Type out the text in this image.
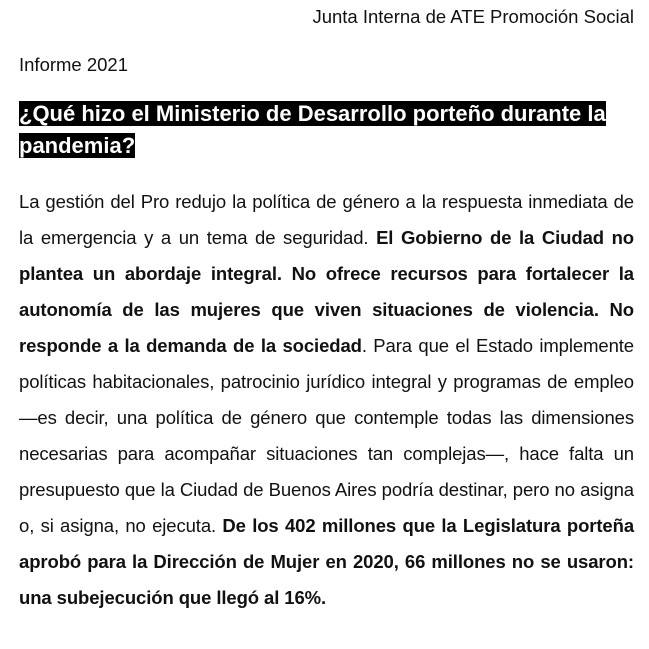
Junta Interna de ATE Promoción Social
Informe 2021
¿Qué hizo el Ministerio de Desarrollo porteño durante la pandemia?

La gestión del Pro redujo la política de género a la respuesta inmediata de la emergencia y a un tema de seguridad. El Gobierno de la Ciudad no plantea un abordaje integral. No ofrece recursos para fortalecer la autonomía de las mujeres que viven situaciones de violencia. No responde a la demanda de la sociedad. Para que el Estado implemente políticas habitacionales, patrocinio jurídico integral y programas de empleo —es decir, una política de género que contemple todas las dimensiones necesarias para acompañar situaciones tan complejas—, hace falta un presupuesto que la Ciudad de Buenos Aires podría destinar, pero no asigna o, si asigna, no ejecuta. De los 402 millones que la Legislatura porteña aprobó para la Dirección de Mujer en 2020, 66 millones no se usaron: una subejecución que llegó al 16%.
